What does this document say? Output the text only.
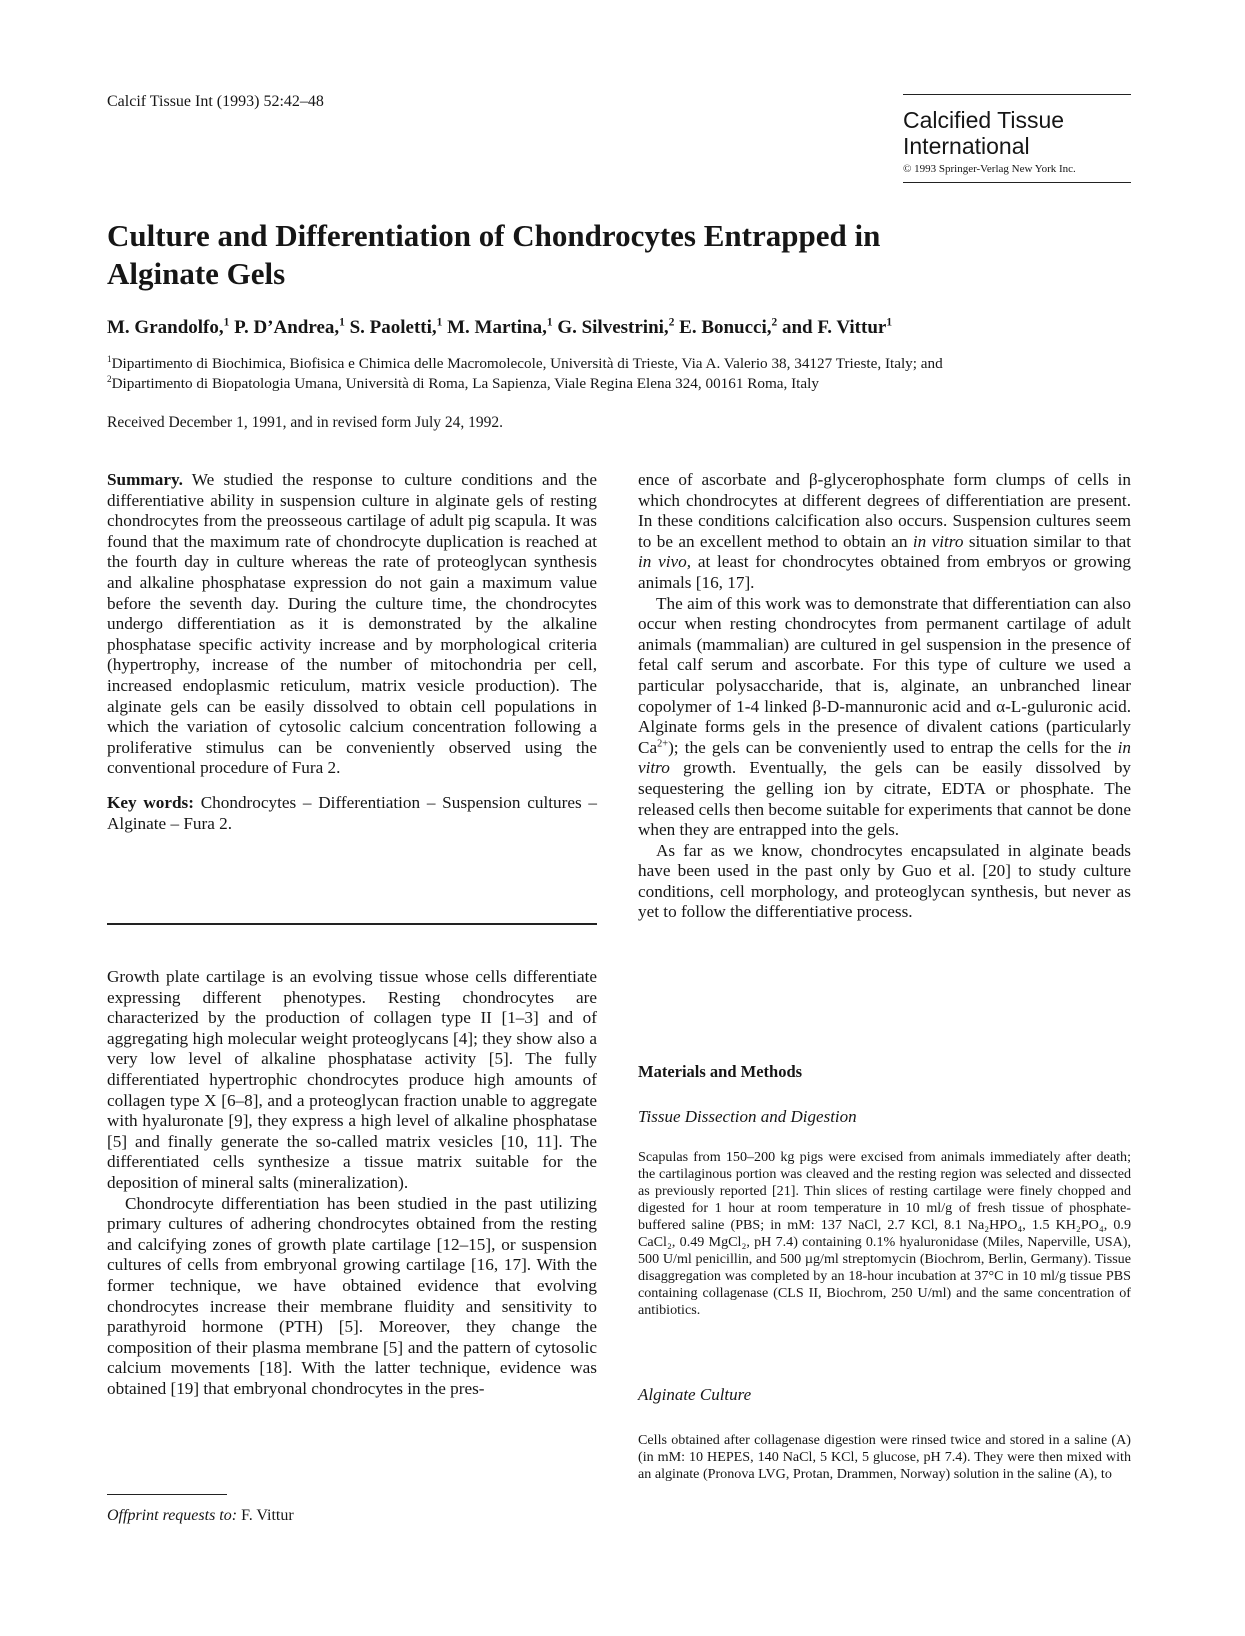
Calcif Tissue Int (1993) 52:42–48
Calcified Tissue
International
© 1993 Springer-Verlag New York Inc.
Culture and Differentiation of Chondrocytes Entrapped in
Alginate Gels
M. Grandolfo,$^1$ P. D’Andrea,$^1$ S. Paoletti,$^1$ M. Martina,$^1$ G. Silvestrini,$^2$ E. Bonucci,$^2$ and F. Vittur$^1$
$^1$Dipartimento di Biochimica, Biofisica e Chimica delle Macromolecole, Università di Trieste, Via A. Valerio 38, 34127 Trieste, Italy; and
$^2$Dipartimento di Biopatologia Umana, Università di Roma, La Sapienza, Viale Regina Elena 324, 00161 Roma, Italy
Received December 1, 1991, and in revised form July 24, 1992.

Summary. We studied the response to culture conditions and the differentiative ability in suspension culture in alginate gels of resting chondrocytes from the preosseous cartilage of adult pig scapula. It was found that the maximum rate of chondrocyte duplication is reached at the fourth day in culture whereas the rate of proteoglycan synthesis and alkaline phosphatase expression do not gain a maximum value before the seventh day. During the culture time, the chondrocytes undergo differentiation as it is demonstrated by the alkaline phosphatase specific activity increase and by morphological criteria (hypertrophy, increase of the number of mitochondria per cell, increased endoplasmic reticulum, matrix vesicle production). The alginate gels can be easily dissolved to obtain cell populations in which the variation of cytosolic calcium concentration following a proliferative stimulus can be conveniently observed using the conventional procedure of Fura 2.

Key words: Chondrocytes – Differentiation – Suspension cultures – Alginate – Fura 2.

Growth plate cartilage is an evolving tissue whose cells differentiate expressing different phenotypes. Resting chondrocytes are characterized by the production of collagen type II [1–3] and of aggregating high molecular weight proteoglycans [4]; they show also a very low level of alkaline phosphatase activity [5]. The fully differentiated hypertrophic chondrocytes produce high amounts of collagen type X [6–8], and a proteoglycan fraction unable to aggregate with hyaluronate [9], they express a high level of alkaline phosphatase [5] and finally generate the so-called matrix vesicles [10, 11]. The differentiated cells synthesize a tissue matrix suitable for the deposition of mineral salts (mineralization).

Chondrocyte differentiation has been studied in the past utilizing primary cultures of adhering chondrocytes obtained from the resting and calcifying zones of growth plate cartilage [12–15], or suspension cultures of cells from embryonal growing cartilage [16, 17]. With the former technique, we have obtained evidence that evolving chondrocytes increase their membrane fluidity and sensitivity to parathyroid hormone (PTH) [5]. Moreover, they change the composition of their plasma membrane [5] and the pattern of cytosolic calcium movements [18]. With the latter technique, evidence was obtained [19] that embryonal chondrocytes in the pres-

Offprint requests to: F. Vittur

ence of ascorbate and β-glycerophosphate form clumps of cells in which chondrocytes at different degrees of differentiation are present. In these conditions calcification also occurs. Suspension cultures seem to be an excellent method to obtain an in vitro situation similar to that in vivo, at least for chondrocytes obtained from embryos or growing animals [16, 17].

The aim of this work was to demonstrate that differentiation can also occur when resting chondrocytes from permanent cartilage of adult animals (mammalian) are cultured in gel suspension in the presence of fetal calf serum and ascorbate. For this type of culture we used a particular polysaccharide, that is, alginate, an unbranched linear copolymer of 1-4 linked β-D-mannuronic acid and α-L-guluronic acid. Alginate forms gels in the presence of divalent cations (particularly $Ca^{2+}$); the gels can be conveniently used to entrap the cells for the in vitro growth. Eventually, the gels can be easily dissolved by sequestering the gelling ion by citrate, EDTA or phosphate. The released cells then become suitable for experiments that cannot be done when they are entrapped into the gels.

As far as we know, chondrocytes encapsulated in alginate beads have been used in the past only by Guo et al. [20] to study culture conditions, cell morphology, and proteoglycan synthesis, but never as yet to follow the differentiative process.

Materials and Methods
Tissue Dissection and Digestion
Scapulas from 150–200 kg pigs were excised from animals immediately after death; the cartilaginous portion was cleaved and the resting region was selected and dissected as previously reported [21]. Thin slices of resting cartilage were finely chopped and digested for 1 hour at room temperature in 10 ml/g of fresh tissue of phosphate-buffered saline (PBS; in mM: 137 NaCl, 2.7 KCl, 8.1 Na₂HPO₄, 1.5 KH₂PO₄, 0.9 CaCl₂, 0.49 MgCl₂, pH 7.4) containing 0.1% hyaluronidase (Miles, Naperville, USA), 500 U/ml penicillin, and 500 µg/ml streptomycin (Biochrom, Berlin, Germany). Tissue disaggregation was completed by an 18-hour incubation at 37°C in 10 ml/g tissue PBS containing collagenase (CLS II, Biochrom, 250 U/ml) and the same concentration of antibiotics.
Alginate Culture
Cells obtained after collagenase digestion were rinsed twice and stored in a saline (A) (in mM: 10 HEPES, 140 NaCl, 5 KCl, 5 glucose, pH 7.4). They were then mixed with an alginate (Pronova LVG, Protan, Drammen, Norway) solution in the saline (A), to
